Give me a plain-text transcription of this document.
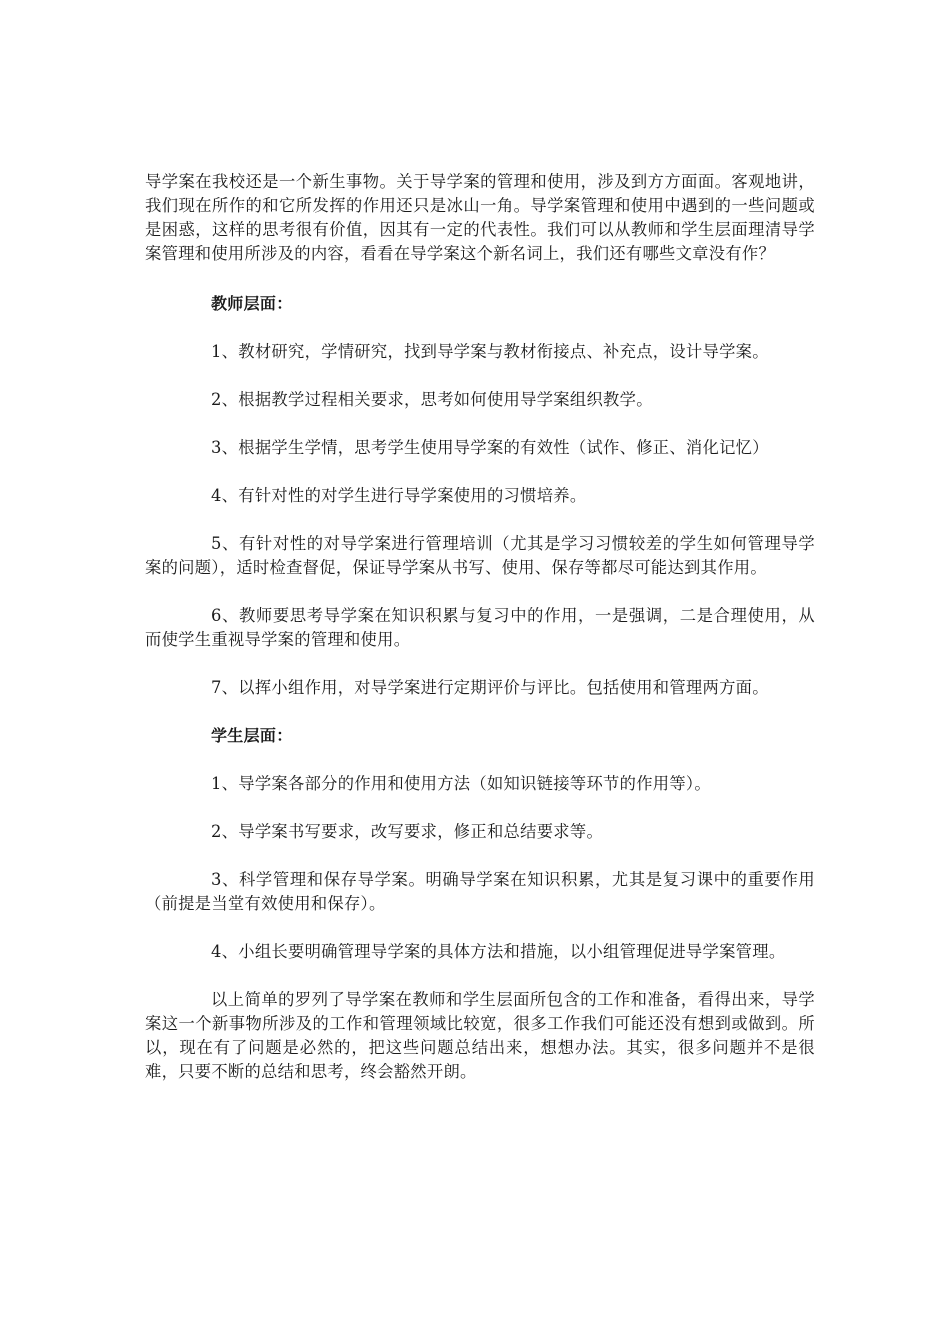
导学案在我校还是一个新生事物。关于导学案的管理和使用，涉及到方方面面。客观地讲，我们现在所作的和它所发挥的作用还只是冰山一角。导学案管理和使用中遇到的一些问题或是困惑，这样的思考很有价值，因其有一定的代表性。我们可以从教师和学生层面理清导学案管理和使用所涉及的内容，看看在导学案这个新名词上，我们还有哪些文章没有作？

教师层面：

1、教材研究，学情研究，找到导学案与教材衔接点、补充点，设计导学案。

2、根据教学过程相关要求，思考如何使用导学案组织教学。

3、根据学生学情，思考学生使用导学案的有效性（试作、修正、消化记忆）

4、有针对性的对学生进行导学案使用的习惯培养。

5、有针对性的对导学案进行管理培训（尤其是学习习惯较差的学生如何管理导学案的问题），适时检查督促，保证导学案从书写、使用、保存等都尽可能达到其作用。

6、教师要思考导学案在知识积累与复习中的作用，一是强调，二是合理使用，从而使学生重视导学案的管理和使用。

7、以挥小组作用，对导学案进行定期评价与评比。包括使用和管理两方面。

学生层面：

1、导学案各部分的作用和使用方法（如知识链接等环节的作用等）。

2、导学案书写要求，改写要求，修正和总结要求等。

3、科学管理和保存导学案。明确导学案在知识积累，尤其是复习课中的重要作用（前提是当堂有效使用和保存）。

4、小组长要明确管理导学案的具体方法和措施，以小组管理促进导学案管理。

以上简单的罗列了导学案在教师和学生层面所包含的工作和准备，看得出来，导学案这一个新事物所涉及的工作和管理领域比较宽，很多工作我们可能还没有想到或做到。所以，现在有了问题是必然的，把这些问题总结出来，想想办法。其实，很多问题并不是很难，只要不断的总结和思考，终会豁然开朗。
